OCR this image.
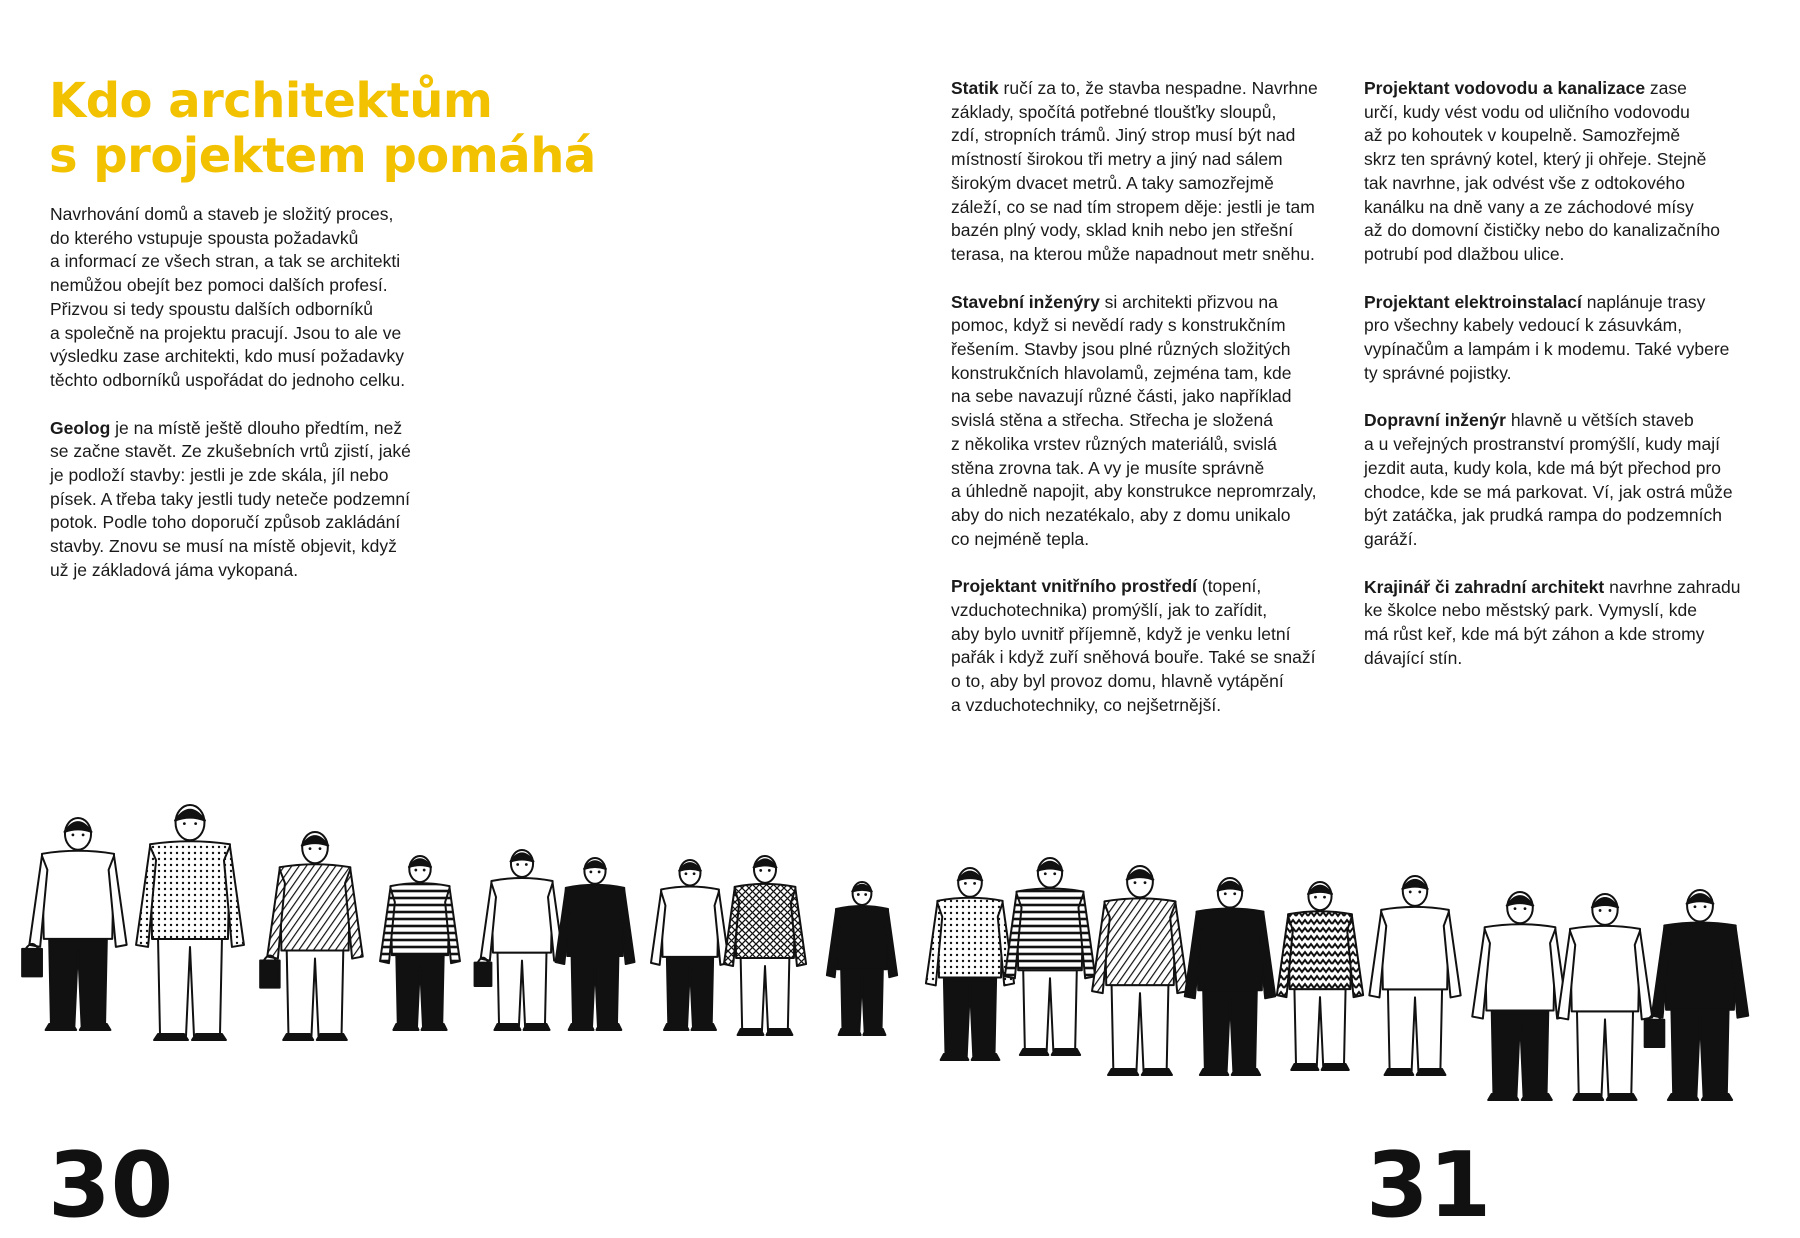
Kdo architektům
s projektem pomáhá

Navrhování domů a staveb je složitý proces,
do kterého vstupuje spousta požadavků
a informací ze všech stran, a tak se architekti
nemůžou obejít bez pomoci dalších profesí.
Přizvou si tedy spoustu dalších odborníků
a společně na projektu pracují. Jsou to ale ve
výsledku zase architekti, kdo musí požadavky
těchto odborníků uspořádat do jednoho celku.

Geolog je na místě ještě dlouho předtím, než
se začne stavět. Ze zkušebních vrtů zjistí, jaké
je podloží stavby: jestli je zde skála, jíl nebo
písek. A třeba taky jestli tudy neteče podzemní
potok. Podle toho doporučí způsob zakládání
stavby. Znovu se musí na místě objevit, když
už je základová jáma vykopaná.

Statik ručí za to, že stavba nespadne. Navrhne
základy, spočítá potřebné tloušťky sloupů,
zdí, stropních trámů. Jiný strop musí být nad
místností širokou tři metry a jiný nad sálem
širokým dvacet metrů. A taky samozřejmě
záleží, co se nad tím stropem děje: jestli je tam
bazén plný vody, sklad knih nebo jen střešní
terasa, na kterou může napadnout metr sněhu.

Stavební inženýry si architekti přizvou na
pomoc, když si nevědí rady s konstrukčním
řešením. Stavby jsou plné různých složitých
konstrukčních hlavolamů, zejména tam, kde
na sebe navazují různé části, jako například
svislá stěna a střecha. Střecha je složená
z několika vrstev různých materiálů, svislá
stěna zrovna tak. A vy je musíte správně
a úhledně napojit, aby konstrukce nepromrzaly,
aby do nich nezatékalo, aby z domu unikalo
co nejméně tepla.

Projektant vnitřního prostředí (topení,
vzduchotechnika) promýšlí, jak to zařídit,
aby bylo uvnitř příjemně, když je venku letní
pařák i když zuří sněhová bouře. Také se snaží
o to, aby byl provoz domu, hlavně vytápění
a vzduchotechniky, co nejšetrnější.

Projektant vodovodu a kanalizace zase
určí, kudy vést vodu od uličního vodovodu
až po kohoutek v koupelně. Samozřejmě
skrz ten správný kotel, který ji ohřeje. Stejně
tak navrhne, jak odvést vše z odtokového
kanálku na dně vany a ze záchodové mísy
až do domovní čističky nebo do kanalizačního
potrubí pod dlažbou ulice.

Projektant elektroinstalací naplánuje trasy
pro všechny kabely vedoucí k zásuvkám,
vypínačům a lampám i k modemu. Také vybere
ty správné pojistky.

Dopravní inženýr hlavně u větších staveb
a u veřejných prostranství promýšlí, kudy mají
jezdit auta, kudy kola, kde má být přechod pro
chodce, kde se má parkovat. Ví, jak ostrá může
být zatáčka, jak prudká rampa do podzemních
garáží.

Krajinář či zahradní architekt navrhne zahradu
ke školce nebo městský park. Vymyslí, kde
má růst keř, kde má být záhon a kde stromy
dávající stín.

30	31
